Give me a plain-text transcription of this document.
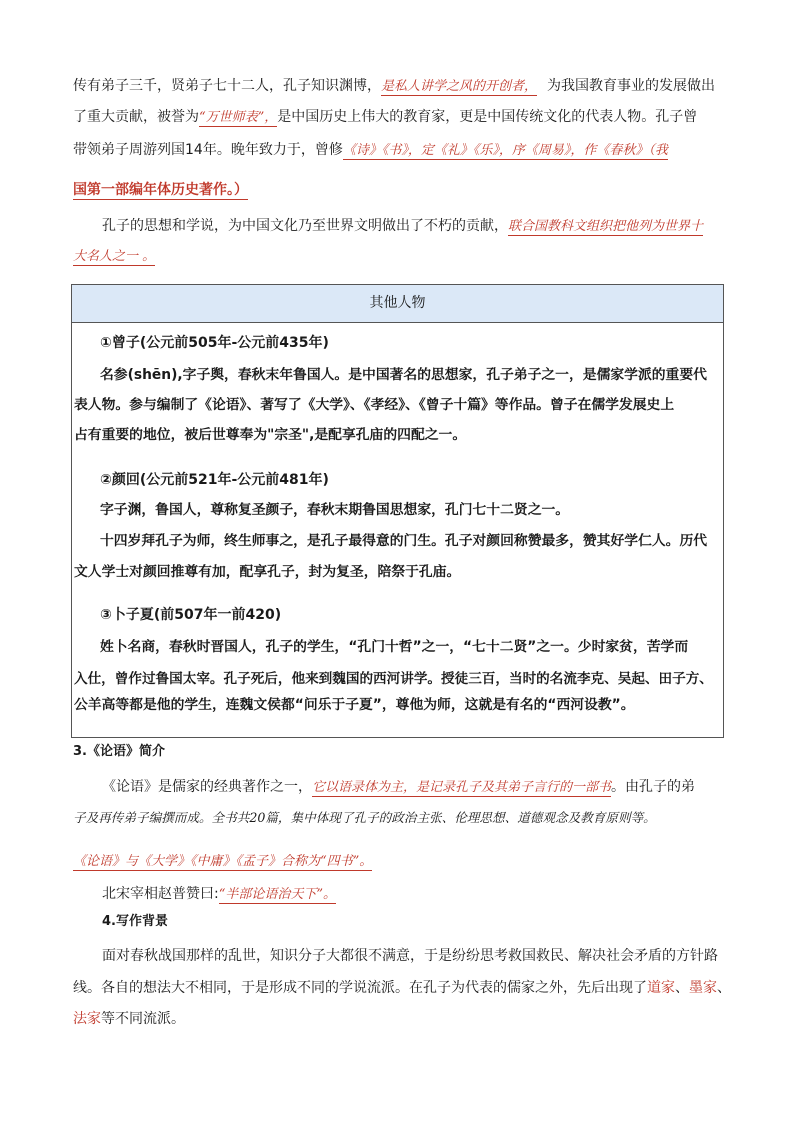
传有弟子三千，贤弟子七十二人，孔子知识渊博，是私人讲学之风的开创者， 为我国教育事业的发展做出
了重大贡献，被誉为“万世师表”，是中国历史上伟大的教育家，更是中国传统文化的代表人物。孔子曾
带领弟子周游列国14年。晚年致力于，曾修《诗》《书》，定《礼》《乐》，序《周易》，作《春秋》（我
国第一部编年体历史著作。）
孔子的思想和学说，为中国文化乃至世界文明做出了不朽的贡献，联合国教科文组织把他列为世界十
大名人之一 。
其他人物
①曾子(公元前505年-公元前435年)
名参(shēn),字子舆，春秋末年鲁国人。是中国著名的思想家，孔子弟子之一，是儒家学派的重要代
表人物。参与编制了《论语》、著写了《大学》、《孝经》、《曾子十篇》等作品。曾子在儒学发展史上
占有重要的地位，被后世尊奉为"宗圣",是配享孔庙的四配之一。
②颜回(公元前521年-公元前481年)
字子渊，鲁国人，尊称复圣颜子，春秋末期鲁国思想家，孔门七十二贤之一。
十四岁拜孔子为师，终生师事之，是孔子最得意的门生。孔子对颜回称赞最多，赞其好学仁人。历代
文人学士对颜回推尊有加，配享孔子，封为复圣，陪祭于孔庙。
③卜子夏(前507年一前420)
姓卜名商，春秋时晋国人，孔子的学生，“孔门十哲”之一，“七十二贤”之一。少时家贫，苦学而
入仕，曾作过鲁国太宰。孔子死后，他来到魏国的西河讲学。授徒三百，当时的名流李克、吴起、田子方、
公羊高等都是他的学生，连魏文侯都“问乐于子夏”，尊他为师，这就是有名的“西河设教”。
3.《论语》简介
《论语》是儒家的经典著作之一，它以语录体为主，是记录孔子及其弟子言行的一部书。由孔子的弟
子及再传弟子编撰而成。全书共20篇，集中体现了孔子的政治主张、伦理思想、道德观念及教育原则等。
《论语》与《大学》《中庸》《孟子》合称为“四书”。
北宋宰相赵普赞曰:“半部论语治天下”。
4.写作背景
面对春秋战国那样的乱世，知识分子大都很不满意，于是纷纷思考救国救民、解决社会矛盾的方针路
线。各自的想法大不相同，于是形成不同的学说流派。在孔子为代表的儒家之外，先后出现了道家、墨家、
法家等不同流派。
